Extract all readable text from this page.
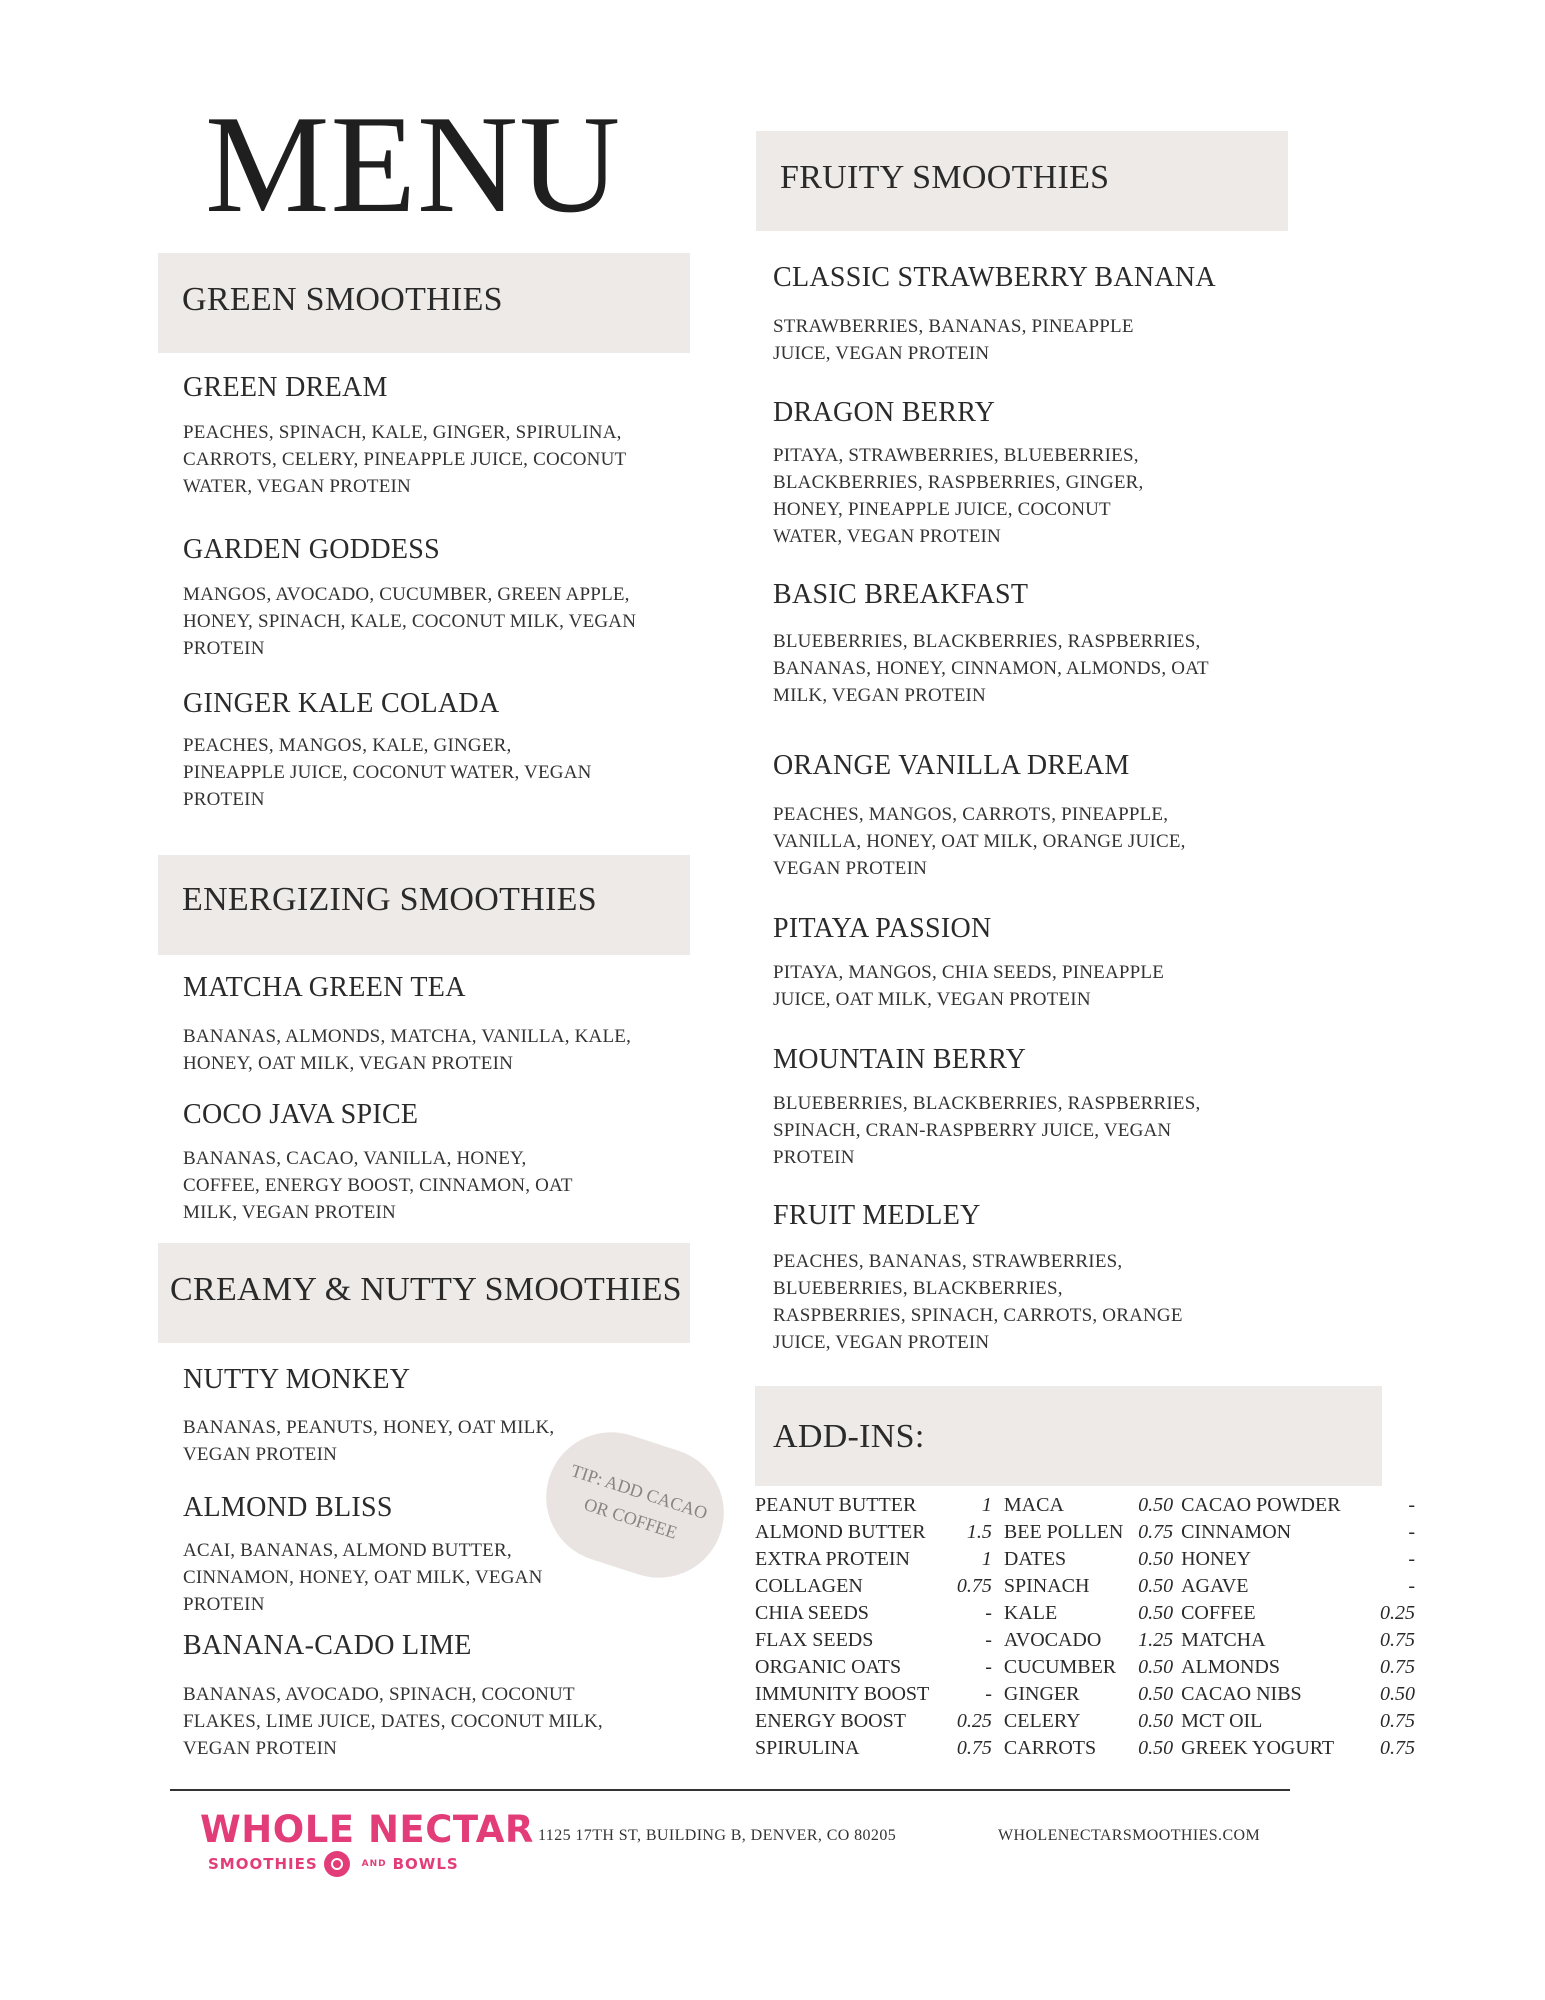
MENU
GREEN SMOOTHIES
GREEN DREAM
PEACHES, SPINACH, KALE, GINGER, SPIRULINA, CARROTS, CELERY, PINEAPPLE JUICE, COCONUT WATER, VEGAN PROTEIN
GARDEN GODDESS
MANGOS, AVOCADO, CUCUMBER, GREEN APPLE, HONEY, SPINACH, KALE, COCONUT MILK, VEGAN PROTEIN
GINGER KALE COLADA
PEACHES, MANGOS, KALE, GINGER, PINEAPPLE JUICE, COCONUT WATER, VEGAN PROTEIN
ENERGIZING SMOOTHIES
MATCHA GREEN TEA
BANANAS, ALMONDS, MATCHA, VANILLA, KALE, HONEY, OAT MILK, VEGAN PROTEIN
COCO JAVA SPICE
BANANAS, CACAO, VANILLA, HONEY, COFFEE, ENERGY BOOST, CINNAMON, OAT MILK, VEGAN PROTEIN
CREAMY & NUTTY SMOOTHIES
NUTTY MONKEY
BANANAS, PEANUTS, HONEY, OAT MILK, VEGAN PROTEIN
ALMOND BLISS
ACAI, BANANAS, ALMOND BUTTER, CINNAMON, HONEY, OAT MILK, VEGAN PROTEIN
BANANA-CADO LIME
BANANAS, AVOCADO, SPINACH, COCONUT FLAKES, LIME JUICE, DATES, COCONUT MILK, VEGAN PROTEIN
TIP: ADD CACAO OR COFFEE
FRUITY SMOOTHIES
CLASSIC STRAWBERRY BANANA
STRAWBERRIES, BANANAS, PINEAPPLE JUICE, VEGAN PROTEIN
DRAGON BERRY
PITAYA, STRAWBERRIES, BLUEBERRIES, BLACKBERRIES, RASPBERRIES, GINGER, HONEY, PINEAPPLE JUICE, COCONUT WATER, VEGAN PROTEIN
BASIC BREAKFAST
BLUEBERRIES, BLACKBERRIES, RASPBERRIES, BANANAS, HONEY, CINNAMON, ALMONDS, OAT MILK, VEGAN PROTEIN
ORANGE VANILLA DREAM
PEACHES, MANGOS, CARROTS, PINEAPPLE, VANILLA, HONEY, OAT MILK, ORANGE JUICE, VEGAN PROTEIN
PITAYA PASSION
PITAYA, MANGOS, CHIA SEEDS, PINEAPPLE JUICE, OAT MILK, VEGAN PROTEIN
MOUNTAIN BERRY
BLUEBERRIES, BLACKBERRIES, RASPBERRIES, SPINACH, CRAN-RASPBERRY JUICE, VEGAN PROTEIN
FRUIT MEDLEY
PEACHES, BANANAS, STRAWBERRIES, BLUEBERRIES, BLACKBERRIES, RASPBERRIES, SPINACH, CARROTS, ORANGE JUICE, VEGAN PROTEIN
ADD-INS:
PEANUT BUTTER	1 MACA	0.50 CACAO POWDER	-
ALMOND BUTTER	1.5 BEE POLLEN 0.75 CINNAMON	-
EXTRA PROTEIN	1 DATES	0.50 HONEY	-
COLLAGEN	0.75 SPINACH	0.50 AGAVE	-
CHIA SEEDS	- KALE	0.50 COFFEE	0.25
FLAX SEEDS	- AVOCADO	1.25 MATCHA	0.75
ORGANIC OATS	- CUCUMBER	0.50 ALMONDS	0.75
IMMUNITY BOOST	- GINGER	0.50 CACAO NIBS	0.50
ENERGY BOOST	0.25 CELERY	0.50 MCT OIL	0.75
SPIRULINA	0.75 CARROTS	0.50 GREEK YOGURT	0.75
WHOLE NECTAR
SMOOTHIES	AND BOWLS
1125 17TH ST, BUILDING B, DENVER, CO 80205	WHOLENECTARSMOOTHIES.COM
